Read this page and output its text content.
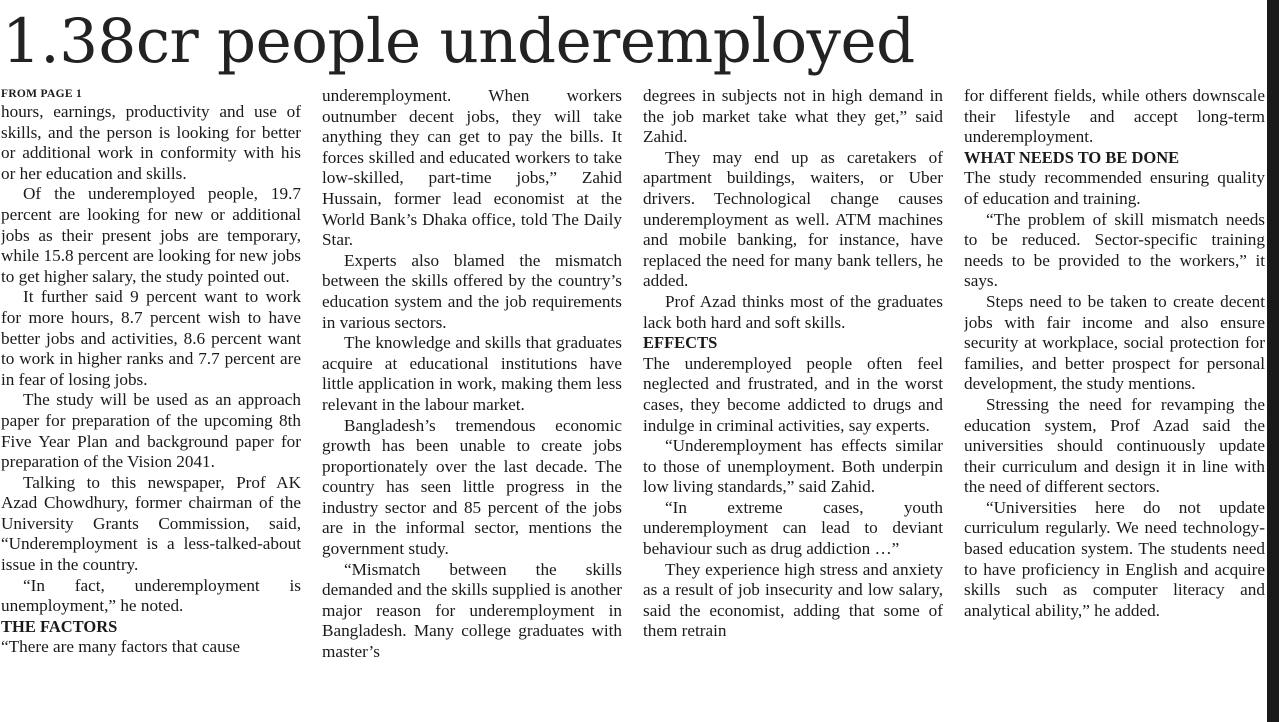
1.38cr people underemployed
FROM PAGE 1

hours, earnings, productivity and use of skills, and the person is looking for better or additional work in conformity with his or her education and skills.

Of the underemployed people, 19.7 percent are looking for new or additional jobs as their present jobs are temporary, while 15.8 percent are looking for new jobs to get higher salary, the study pointed out.

It further said 9 percent want to work for more hours, 8.7 percent wish to have better jobs and activities, 8.6 percent want to work in higher ranks and 7.7 percent are in fear of losing jobs.

The study will be used as an approach paper for preparation of the upcoming 8th Five Year Plan and background paper for preparation of the Vision 2041.

Talking to this newspaper, Prof AK Azad Chowdhury, former chairman of the University Grants Commission, said, “Underemployment is a less-talked-about issue in the country.

“In fact, underemployment is unemployment,” he noted.

THE FACTORS

“There are many factors that cause

underemployment. When workers outnumber decent jobs, they will take anything they can get to pay the bills. It forces skilled and educated workers to take low-skilled, part-time jobs,” Zahid Hussain, former lead economist at the World Bank’s Dhaka office, told The Daily Star.

Experts also blamed the mismatch between the skills offered by the country’s education system and the job requirements in various sectors.

The knowledge and skills that graduates acquire at educational institutions have little application in work, making them less relevant in the labour market.

Bangladesh’s tremendous economic growth has been unable to create jobs proportionately over the last decade. The country has seen little progress in the industry sector and 85 percent of the jobs are in the informal sector, mentions the government study.

“Mismatch between the skills demanded and the skills supplied is another major reason for underemployment in Bangladesh. Many college graduates with master’s

degrees in subjects not in high demand in the job market take what they get,” said Zahid.

They may end up as caretakers of apartment buildings, waiters, or Uber drivers. Technological change causes underemployment as well. ATM machines and mobile banking, for instance, have replaced the need for many bank tellers, he added.

Prof Azad thinks most of the graduates lack both hard and soft skills.

EFFECTS

The underemployed people often feel neglected and frustrated, and in the worst cases, they become addicted to drugs and indulge in criminal activities, say experts.

“Underemployment has effects similar to those of unemployment. Both underpin low living standards,” said Zahid.

“In extreme cases, youth underemployment can lead to deviant behaviour such as drug addiction …”

They experience high stress and anxiety as a result of job insecurity and low salary, said the economist, adding that some of them retrain

for different fields, while others downscale their lifestyle and accept long-term underemployment.

WHAT NEEDS TO BE DONE

The study recommended ensuring quality of education and training.

“The problem of skill mismatch needs to be reduced. Sector-specific training needs to be provided to the workers,” it says.

Steps need to be taken to create decent jobs with fair income and also ensure security at workplace, social protection for families, and better prospect for personal development, the study mentions.

Stressing the need for revamping the education system, Prof Azad said the universities should continuously update their curriculum and design it in line with the need of different sectors.

“Universities here do not update curriculum regularly. We need technology-based education system. The students need to have proficiency in English and acquire skills such as computer literacy and analytical ability,” he added.
